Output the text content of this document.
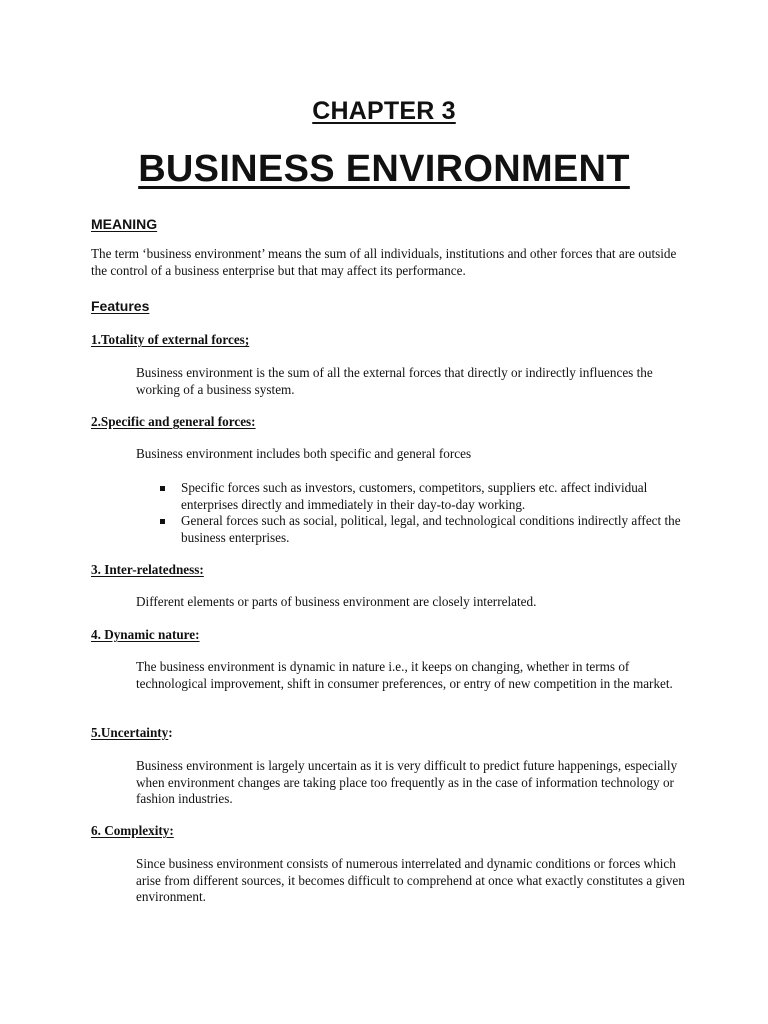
CHAPTER 3
BUSINESS ENVIRONMENT
MEANING
The term ‘business environment’ means the sum of all individuals, institutions and other forces that are outside the control of a business enterprise but that may affect its performance.
Features
1.Totality of external forces;
Business environment is the sum of all the external forces that directly or indirectly influences the working of a business system.
2.Specific and general forces:
Business environment includes both specific and general forces
Specific forces such as investors, customers, competitors, suppliers etc. affect individual enterprises directly and immediately in their day-to-day working.
General forces such as social, political, legal, and technological conditions indirectly affect the business enterprises.
3. Inter-relatedness:
Different elements or parts of business environment are closely interrelated.
4. Dynamic nature:
The business environment is dynamic in nature i.e., it keeps on changing, whether in terms of technological improvement, shift in consumer preferences, or entry of new competition in the market.
5.Uncertainty:
Business environment is largely uncertain as it is very difficult to predict future happenings, especially when environment changes are taking place too frequently as in the case of information technology or fashion industries.
6. Complexity:
Since business environment consists of numerous interrelated and dynamic conditions or forces which arise from different sources, it becomes difficult to comprehend at once what exactly constitutes a given environment.
